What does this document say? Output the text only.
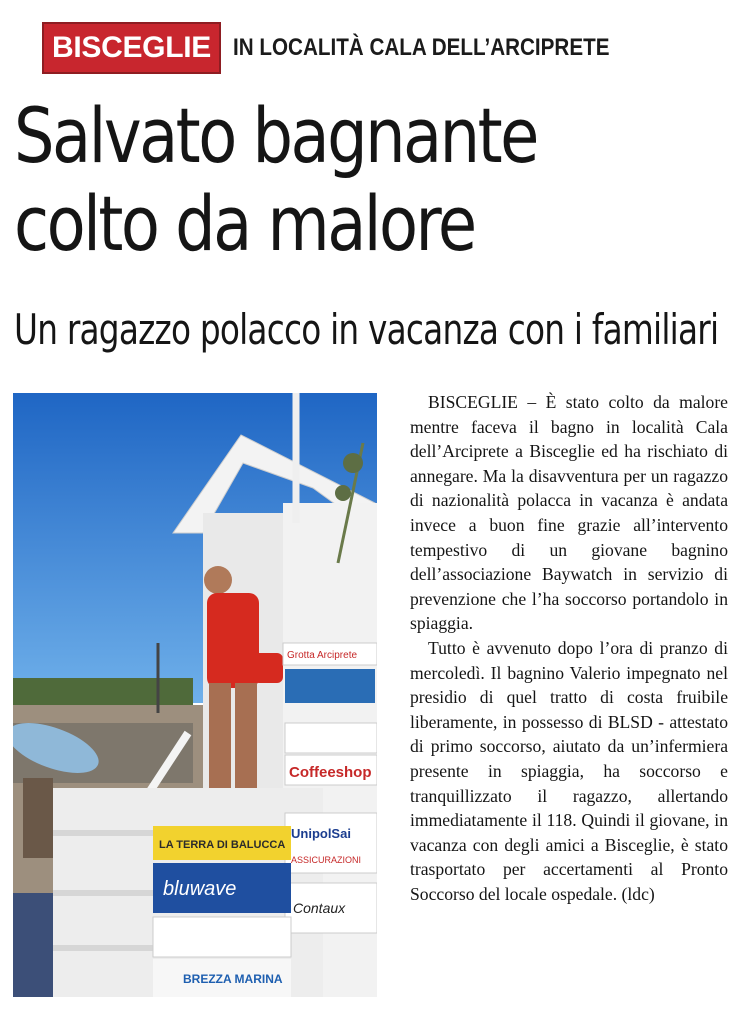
BISCEGLIE IN LOCALITÀ CALA DELL’ARCIPRETE
Salvato bagnante
colto da malore
Un ragazzo polacco in vacanza con i familiari
Grotta Arciprete
Coffeeshop
UnipolSai
ASSICURAZIONI
Contaux
LA TERRA DI BALUCCA
bluwave
BREZZA MARINA

BISCEGLIE – È stato colto da malore mentre faceva il bagno in località Cala dell’Arciprete a Bisceglie ed ha rischiato di annegare. Ma la disavventura per un ragazzo di nazionalità polacca in vacanza è andata invece a buon fine grazie all’intervento tempestivo di un giovane bagnino dell’associazione Baywatch in servizio di prevenzione che l’ha soccorso portandolo in spiaggia.

Tutto è avvenuto dopo l’ora di pranzo di mercoledì. Il bagnino Valerio impegnato nel presidio di quel tratto di costa fruibile liberamente, in possesso di BLSD - attestato di primo soccorso, aiutato da un’infermiera presente in spiaggia, ha soccorso e tranquillizzato il ragazzo, allertando immediatamente il 118. Quindi il giovane, in vacanza con degli amici a Bisceglie, è stato trasportato per accertamenti al Pronto Soccorso del locale ospedale. (ldc)
